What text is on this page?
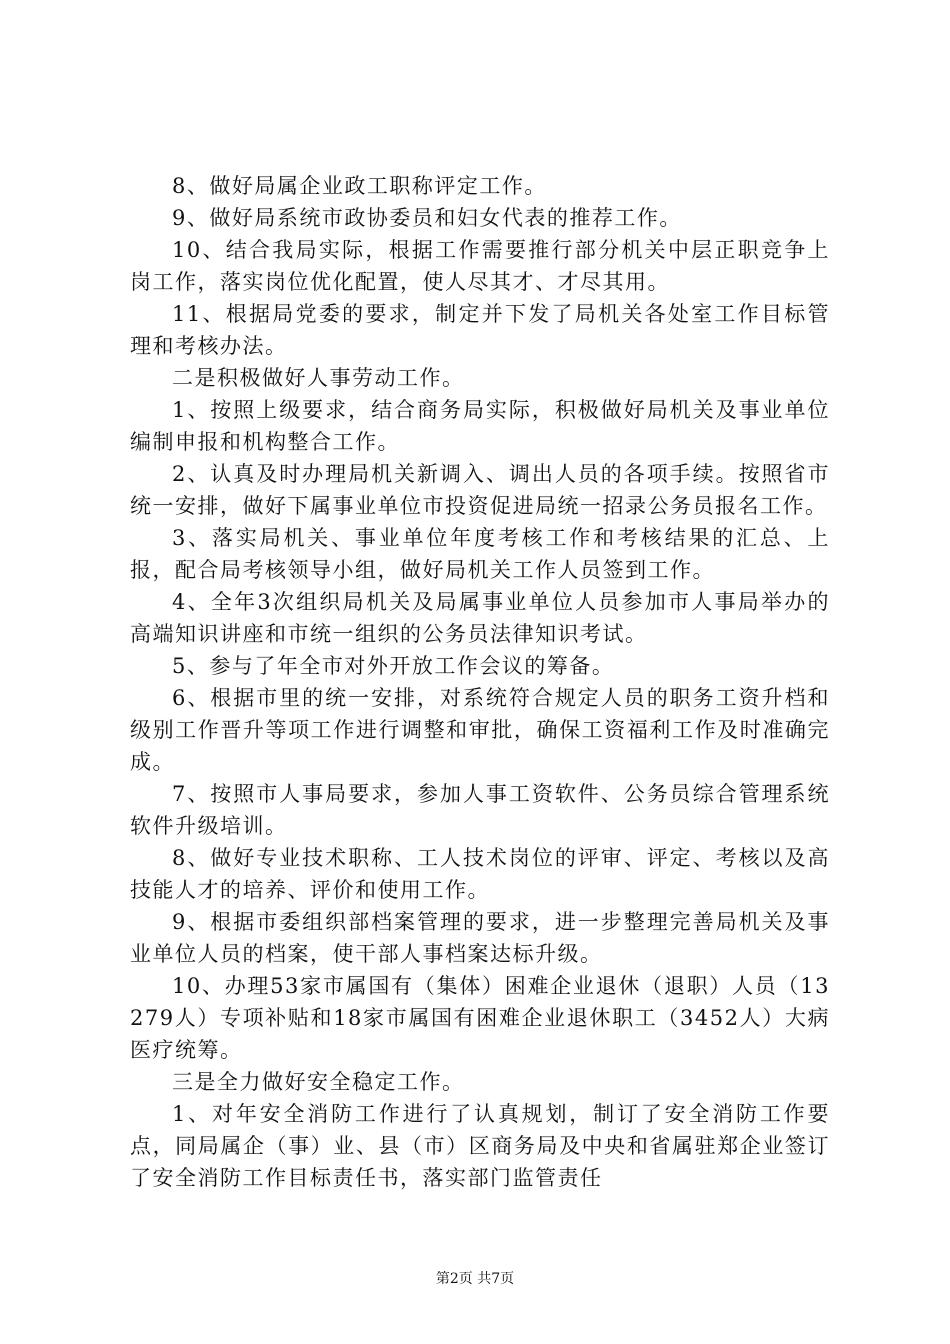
8、做好局属企业政工职称评定工作。

9、做好局系统市政协委员和妇女代表的推荐工作。

10、结合我局实际，根据工作需要推行部分机关中层正职竞争上岗工作，落实岗位优化配置，使人尽其才、才尽其用。

11、根据局党委的要求，制定并下发了局机关各处室工作目标管理和考核办法。

二是积极做好人事劳动工作。

1、按照上级要求，结合商务局实际，积极做好局机关及事业单位编制申报和机构整合工作。

2、认真及时办理局机关新调入、调出人员的各项手续。按照省市统一安排，做好下属事业单位市投资促进局统一招录公务员报名工作。

3、落实局机关、事业单位年度考核工作和考核结果的汇总、上报，配合局考核领导小组，做好局机关工作人员签到工作。

4、全年3次组织局机关及局属事业单位人员参加市人事局举办的高端知识讲座和市统一组织的公务员法律知识考试。

5、参与了年全市对外开放工作会议的筹备。

6、根据市里的统一安排，对系统符合规定人员的职务工资升档和级别工作晋升等项工作进行调整和审批，确保工资福利工作及时准确完成。

7、按照市人事局要求，参加人事工资软件、公务员综合管理系统软件升级培训。

8、做好专业技术职称、工人技术岗位的评审、评定、考核以及高技能人才的培养、评价和使用工作。

9、根据市委组织部档案管理的要求，进一步整理完善局机关及事业单位人员的档案，使干部人事档案达标升级。

10、办理53家市属国有（集体）困难企业退休（退职）人员（13279人）专项补贴和18家市属国有困难企业退休职工（3452人）大病医疗统筹。

三是全力做好安全稳定工作。

1、对年安全消防工作进行了认真规划，制订了安全消防工作要点，同局属企（事）业、县（市）区商务局及中央和省属驻郑企业签订了安全消防工作目标责任书，落实部门监管责任

第2页 共7页
